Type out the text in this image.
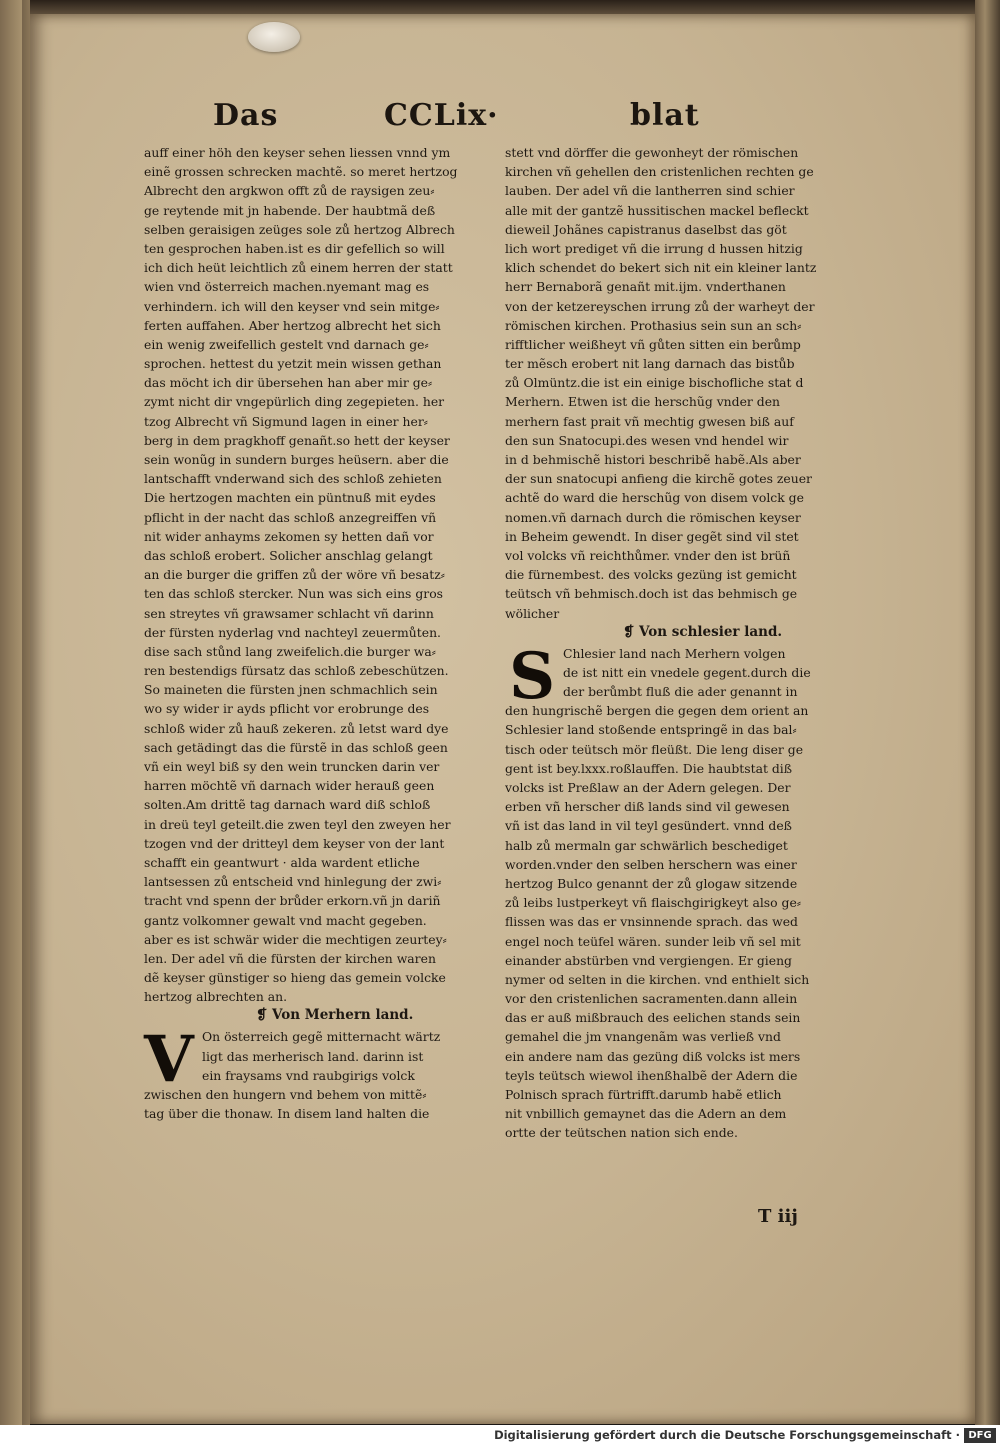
Das	CCLix·	blat
auff einer höh den keyser sehen liessen vnnd ym
einẽ grossen schrecken machtẽ. so meret hertzog
Albrecht den argkwon offt zů de raysigen zeu⸗
ge reytende mit jn habende. Der haubtmã deß
selben geraisigen zeüges sole zů hertzog Albrech
ten gesprochen haben.ist es dir gefellich so will
ich dich heüt leichtlich zů einem herren der statt
wien vnd österreich machen.nyemant mag es
verhindern. ich will den keyser vnd sein mitge⸗
ferten auffahen. Aber hertzog albrecht het sich
ein wenig zweifellich gestelt vnd darnach ge⸗
sprochen. hettest du yetzit mein wissen gethan
das möcht ich dir übersehen han aber mir ge⸗
zymt nicht dir vngepürlich ding zegepieten. her
tzog Albrecht vñ Sigmund lagen in einer her⸗
berg in dem pragkhoff genañt.so hett der keyser
sein wonũg in sundern burges heüsern. aber die
lantschafft vnderwand sich des schloß zehieten
Die hertzogen machten ein püntnuß mit eydes
pflicht in der nacht das schloß anzegreiffen vñ
nit wider anhayms zekomen sy hetten dañ vor
das schloß erobert. Solicher anschlag gelangt
an die burger die griffen zů der wöre vñ besatz⸗
ten das schloß stercker. Nun was sich eins gros
sen streytes vñ grawsamer schlacht vñ darinn
der fürsten nyderlag vnd nachteyl zeuermůten.
dise sach stůnd lang zweifelich.die burger wa⸗
ren bestendigs fürsatz das schloß zebeschützen.
So maineten die fürsten jnen schmachlich sein
wo sy wider ir ayds pflicht vor erobrunge des
schloß wider zů hauß zekeren. zů letst ward dye
sach getädingt das die fürstẽ in das schloß geen
vñ ein weyl biß sy den wein truncken darin ver
harren möchtẽ vñ darnach wider herauß geen
solten.Am drittẽ tag darnach ward diß schloß
in dreü teyl geteilt.die zwen teyl den zweyen her
tzogen vnd der dritteyl dem keyser von der lant
schafft ein geantwurt · alda wardent etliche
lantsessen zů entscheid vnd hinlegung der zwi⸗
tracht vnd spenn der brůder erkorn.vñ jn dariñ
gantz volkomner gewalt vnd macht gegeben.
aber es ist schwär wider die mechtigen zeurtey⸗
len. Der adel vñ die fürsten der kirchen waren
dẽ keyser günstiger so hieng das gemein volcke
hertzog albrechten an.
❡ Von Merhern land.
V On österreich gegẽ mitternacht wärtz
ligt das merherisch land. darinn ist
ein fraysams vnd raubgirigs volck
zwischen den hungern vnd behem von mittẽ⸗
tag über die thonaw. In disem land halten die
stett vnd dörffer die gewonheyt der römischen
kirchen vñ gehellen den cristenlichen rechten ge
lauben. Der adel vñ die lantherren sind schier
alle mit der gantzẽ hussitischen mackel befleckt
dieweil Johãnes capistranus daselbst das göt
lich wort prediget vñ die irrung d hussen hitzig
klich schendet do bekert sich nit ein kleiner lantz
herr Bernaborã genañt mit.ijm. vnderthanen
von der ketzereyschen irrung zů der warheyt der
römischen kirchen. Prothasius sein sun an sch⸗
rifftlicher weißheyt vñ gůten sitten ein berůmp
ter mẽsch erobert nit lang darnach das bistůb
zů Olmüntz.die ist ein einige bischofliche stat d
Merhern. Etwen ist die herschũg vnder den
merhern fast prait vñ mechtig gwesen biß auf
den sun Snatocupi.des wesen vnd hendel wir
in d behmischẽ histori beschribẽ habẽ.Als aber
der sun snatocupi anfieng die kirchẽ gotes zeuer
achtẽ do ward die herschũg von disem volck ge
nomen.vñ darnach durch die römischen keyser
in Beheim gewendt. In diser gegẽt sind vil stet
vol volcks vñ reichthůmer. vnder den ist brüñ
die fürnembest. des volcks gezüng ist gemicht
teütsch vñ behmisch.doch ist das behmisch ge
wölicher
❡ Von schlesier land.
S Chlesier land nach Merhern volgen
de ist nitt ein vnedele gegent.durch die
der berůmbt fluß die ader genannt in
den hungrischẽ bergen die gegen dem orient an
Schlesier land stoßende entspringẽ in das bal⸗
tisch oder teütsch mör fleüßt. Die leng diser ge
gent ist bey.lxxx.roßlauffen. Die haubtstat diß
volcks ist Preßlaw an der Adern gelegen. Der
erben vñ herscher diß lands sind vil gewesen
vñ ist das land in vil teyl gesündert. vnnd deß
halb zů mermaln gar schwärlich beschediget
worden.vnder den selben herschern was einer
hertzog Bulco genannt der zů glogaw sitzende
zů leibs lustperkeyt vñ flaischgirigkeyt also ge⸗
flissen was das er vnsinnende sprach. das wed
engel noch teüfel wären. sunder leib vñ sel mit
einander abstürben vnd vergiengen. Er gieng
nymer od selten in die kirchen. vnd enthielt sich
vor den cristenlichen sacramenten.dann allein
das er auß mißbrauch des eelichen stands sein
gemahel die jm vnangenãm was verließ vnd
ein andere nam das gezüng diß volcks ist mers
teyls teütsch wiewol ihenßhalbẽ der Adern die
Polnisch sprach fürtrifft.darumb habẽ etlich
nit vnbillich gemaynet das die Adern an dem
ortte der teütschen nation sich ende.
T iij
Digitalisierung gefördert durch die Deutsche Forschungsgemeinschaft · DFG
